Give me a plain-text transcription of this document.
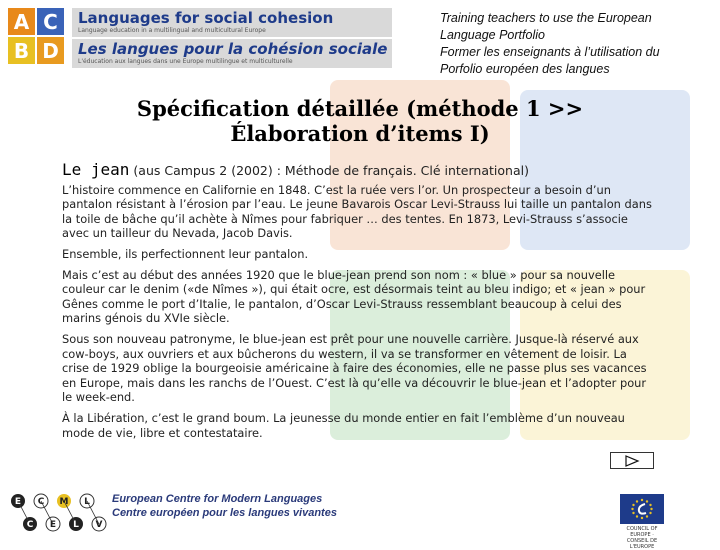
A C
B D
Languages for social cohesion
Language education in a multilingual and multicultural Europe
Les langues pour la cohésion sociale
L'éducation aux langues dans une Europe multilingue et multiculturelle
Training teachers to use the European
Language Portfolio
Former les enseignants à l’utilisation du
Porfolio européen des langues
Spécification détaillée (méthode 1 >>
Élaboration d’items I)
Le jean (aus Campus 2 (2002) : Méthode de français. Clé international)

L’histoire commence en Californie en 1848. C’est la ruée vers l’or. Un prospecteur a besoin d’un pantalon résistant à l’érosion par l’eau. Le jeune Bavarois Oscar Levi-Strauss lui taille un pantalon dans la toile de bâche qu’il achète à Nîmes pour fabriquer … des tentes. En 1873, Levi-Strauss s’associe avec un tailleur du Nevada, Jacob Davis.

Ensemble, ils perfectionnent leur pantalon.

Mais c’est au début des années 1920 que le blue-jean prend son nom : « blue » pour sa nouvelle couleur car le denim («de Nîmes »), qui était ocre, est désormais teint au bleu indigo; et « jean » pour Gênes comme le port d’Italie, le pantalon, d’Oscar Levi-Strauss ressemblant beaucoup à celui des marins génois du XVIe siècle.

Sous son nouveau patronyme, le blue-jean est prêt pour une nouvelle carrière. Jusque-là réservé aux cow-boys, aux ouvriers et aux bûcherons du western, il va se transformer en vêtement de loisir. La crise de 1929 oblige la bourgeoisie américaine à faire des économies, elle ne passe plus ses vacances en Europe, mais dans les ranchs de l’Ouest. C’est là qu’elle va découvrir le blue-jean et l’adopter pour le week-end.

À la Libération, c’est le grand boum. La jeunesse du monde entier en fait l’emblème d’un nouveau mode de vie, libre et contestataire.

E C M L
C E L V
European Centre for Modern Languages
Centre européen pour les langues vivantes
COUNCIL OF EUROPE · CONSEIL DE L'EUROPE
